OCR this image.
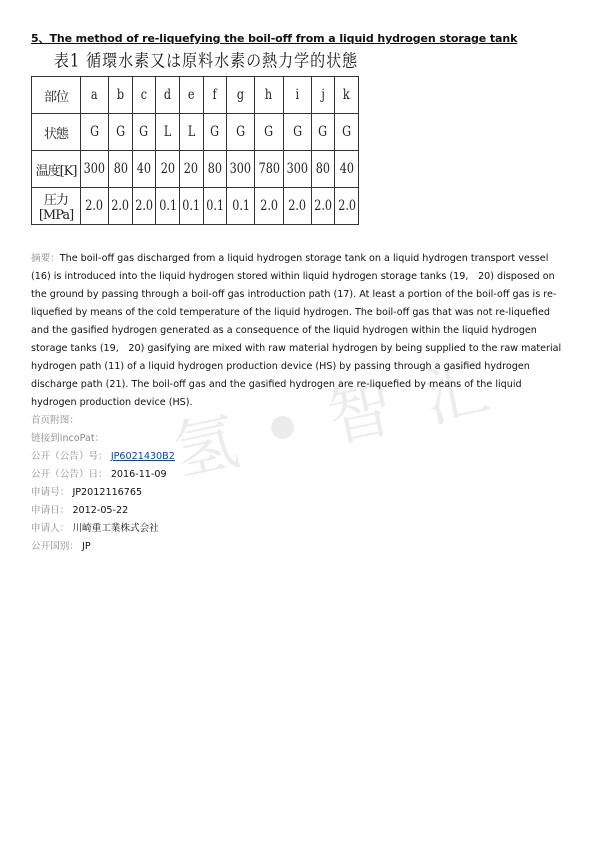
氢 ● 智 汇
5、The method of re-liquefying the boil-off from a liquid hydrogen storage tank
表1 循環水素又は原料水素の熱力学的状態
部位	a	b	c	d	e	f	g	h	i	j	k
状態	G	G	G	L	L	G	G	G	G	G	G
温度[K]	300	80	40	20	20	80	300	780	300	80	40
圧力[MPa]	2.0	2.0	2.0	0.1	0.1	0.1	0.1	2.0	2.0	2.0	2.0
摘要：The boil-off gas discharged from a liquid hydrogen storage tank on a liquid hydrogen transport vessel (16) is introduced into the liquid hydrogen stored within liquid hydrogen storage tanks (19,　20) disposed on the ground by passing through a boil-off gas introduction path (17). At least a portion of the boil-off gas is re-liquefied by means of the cold temperature of the liquid hydrogen. The boil-off gas that was not re-liquefied and the gasified hydrogen generated as a consequence of the liquid hydrogen within the liquid hydrogen storage tanks (19,　20) gasifying are mixed with raw material hydrogen by being supplied to the raw material hydrogen path (11) of a liquid hydrogen production device (HS) by passing through a gasified hydrogen discharge path (21). The boil-off gas and the gasified hydrogen are re-liquefied by means of the liquid hydrogen production device (HS).
首页附图：
链接到incoPat：
公开（公告）号： JP6021430B2
公开（公告）日： 2016-11-09
申请号： JP2012116765
申请日： 2012-05-22
申请人： 川崎重工業株式会社
公开国别： JP
